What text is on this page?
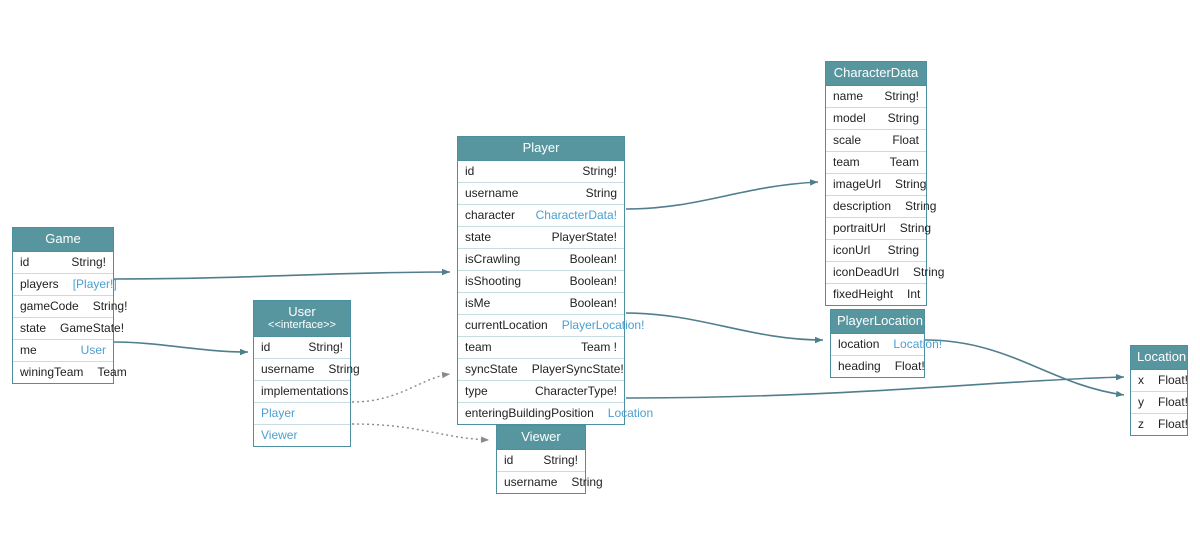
Game
id	String!
players	[Player!]
gameCode	String!
state	GameState!
me	User
winingTeam	Team
User
<<interface>>
id	String!
username	String
implementations
Player
Viewer
Player
id	String!
username	String
character	CharacterData!
state	PlayerState!
isCrawling	Boolean!
isShooting	Boolean!
isMe	Boolean!
currentLocation	PlayerLocation!
team	Team !
syncState	PlayerSyncState!
type	CharacterType!
enteringBuildingPosition	Location
Viewer
id	String!
username	String
CharacterData
name	String!
model	String
scale	Float
team	Team
imageUrl	String
description	String
portraitUrl	String
iconUrl	String
iconDeadUrl	String
fixedHeight	Int
PlayerLocation
location	Location!
heading	Float!
Location
x	Float!
y	Float!
z	Float!
